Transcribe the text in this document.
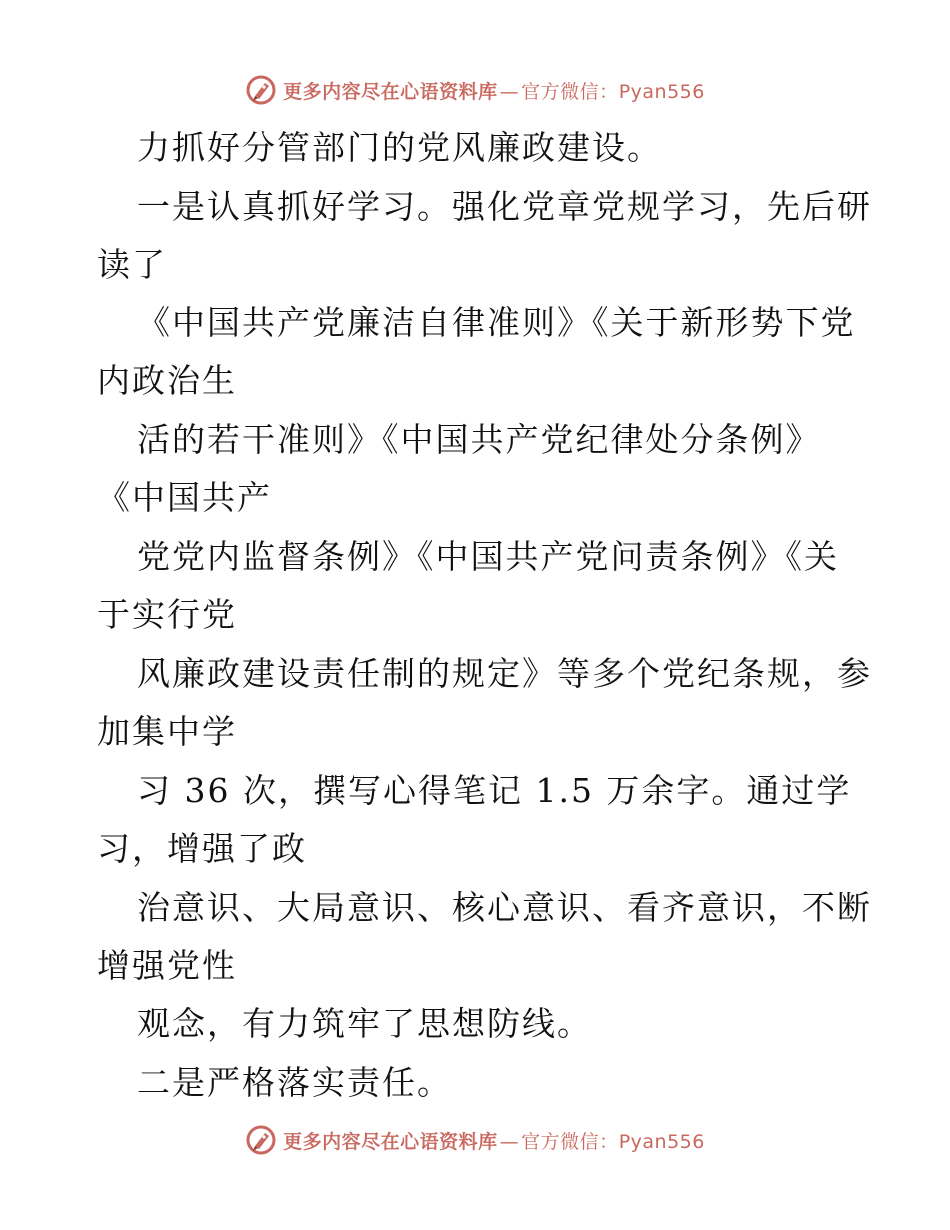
更多内容尽在心语资料库 — 官方微信：Pyan556
力抓好分管部门的党风廉政建设。
一是认真抓好学习。强化党章党规学习，先后研
读了
《中国共产党廉洁自律准则》《关于新形势下党
内政治生
活的若干准则》《中国共产党纪律处分条例》
《中国共产
党党内监督条例》《中国共产党问责条例》《关
于实行党
风廉政建设责任制的规定》等多个党纪条规，参
加集中学
习 36 次，撰写心得笔记 1.5 万余字。通过学
习，增强了政
治意识、大局意识、核心意识、看齐意识，不断
增强党性
观念，有力筑牢了思想防线。
二是严格落实责任。
更多内容尽在心语资料库 — 官方微信：Pyan556
